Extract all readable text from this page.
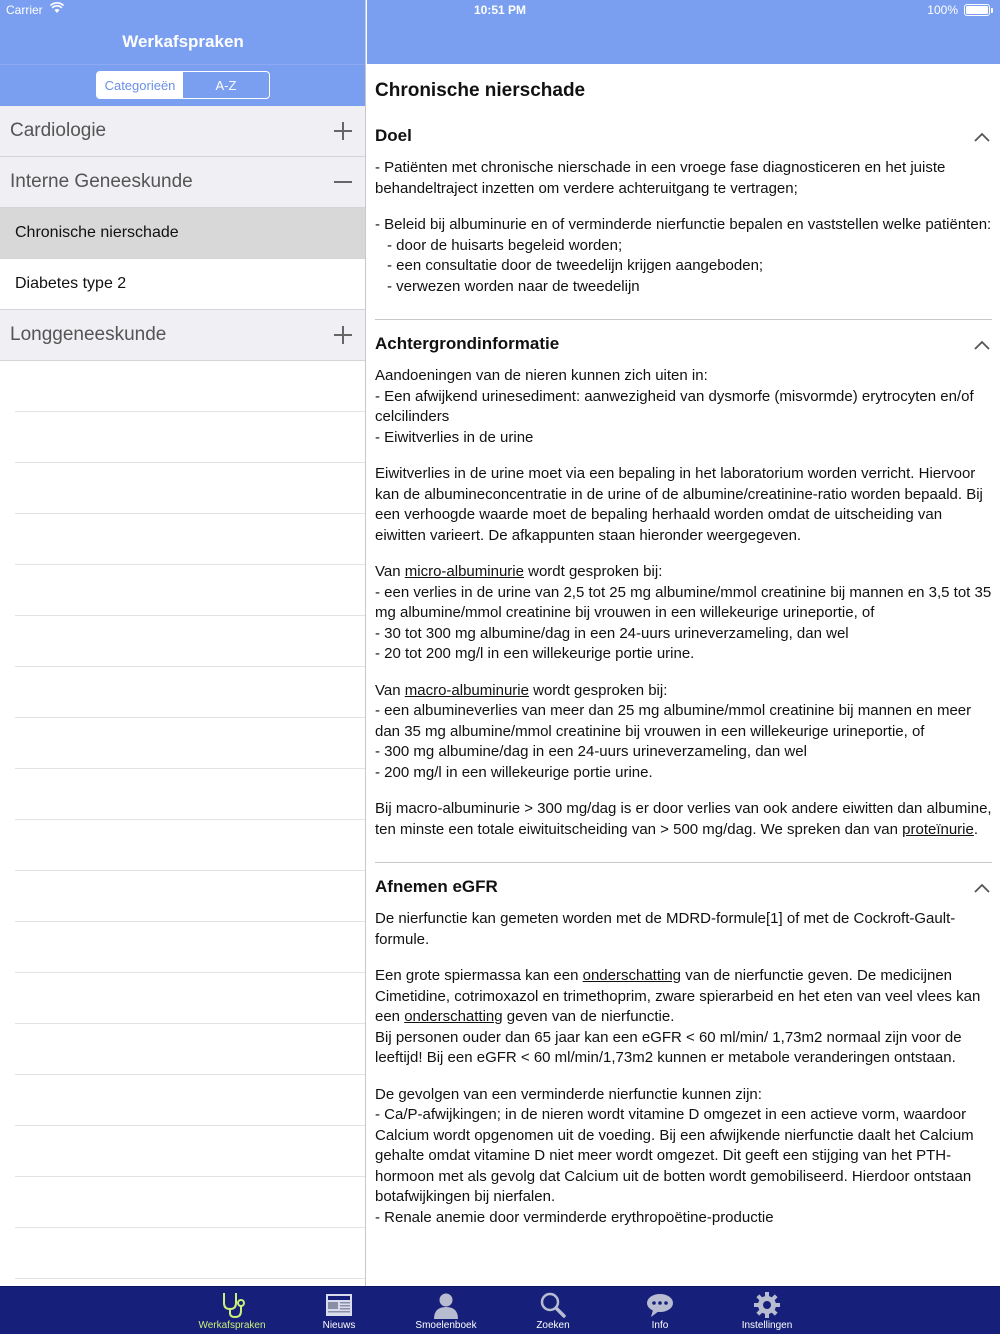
Carrier	10:51 PM	100%
Werkafspraken
Categorieën	A-Z
Cardiologie
Interne Geneeskunde
Chronische nierschade
Diabetes type 2
Longgeneeskunde
Chronische nierschade
Doel

- Patiënten met chronische nierschade in een vroege fase diagnosticeren en het juiste behandeltraject inzetten om verdere achteruitgang te vertragen;

- Beleid bij albuminurie en of verminderde nierfunctie bepalen en vaststellen welke patiënten:
- door de huisarts begeleid worden;
- een consultatie door de tweedelijn krijgen aangeboden;
- verwezen worden naar de tweedelijn

Achtergrondinformatie

Aandoeningen van de nieren kunnen zich uiten in:
- Een afwijkend urinesediment: aanwezigheid van dysmorfe (misvormde) erytrocyten en/of celcilinders
- Eiwitverlies in de urine

Eiwitverlies in de urine moet via een bepaling in het laboratorium worden verricht. Hiervoor kan de albumineconcentratie in de urine of de albumine/creatinine-ratio worden bepaald. Bij een verhoogde waarde moet de bepaling herhaald worden omdat de uitscheiding van eiwitten varieert. De afkappunten staan hieronder weergegeven.

Van micro-albuminurie wordt gesproken bij:
- een verlies in de urine van 2,5 tot 25 mg albumine/mmol creatinine bij mannen en 3,5 tot 35 mg albumine/mmol creatinine bij vrouwen in een willekeurige urineportie, of
- 30 tot 300 mg albumine/dag in een 24-uurs urineverzameling, dan wel
- 20 tot 200 mg/l in een willekeurige portie urine.

Van macro-albuminurie wordt gesproken bij:
- een albumineverlies van meer dan 25 mg albumine/mmol creatinine bij mannen en meer dan 35 mg albumine/mmol creatinine bij vrouwen in een willekeurige urineportie, of
- 300 mg albumine/dag in een 24-uurs urineverzameling, dan wel
- 200 mg/l in een willekeurige portie urine.

Bij macro-albuminurie > 300 mg/dag is er door verlies van ook andere eiwitten dan albumine, ten minste een totale eiwituitscheiding van > 500 mg/dag. We spreken dan van proteïnurie.

Afnemen eGFR

De nierfunctie kan gemeten worden met de MDRD-formule[1] of met de Cockroft-Gault-formule.

Een grote spiermassa kan een onderschatting van de nierfunctie geven. De medicijnen Cimetidine, cotrimoxazol en trimethoprim, zware spierarbeid en het eten van veel vlees kan een onderschatting geven van de nierfunctie.
Bij personen ouder dan 65 jaar kan een eGFR < 60 ml/min/ 1,73m2 normaal zijn voor de leeftijd! Bij een eGFR < 60 ml/min/1,73m2 kunnen er metabole veranderingen ontstaan.

De gevolgen van een verminderde nierfunctie kunnen zijn:
- Ca/P-afwijkingen; in de nieren wordt vitamine D omgezet in een actieve vorm, waardoor Calcium wordt opgenomen uit de voeding. Bij een afwijkende nierfunctie daalt het Calcium gehalte omdat vitamine D niet meer wordt omgezet. Dit geeft een stijging van het PTH-hormoon met als gevolg dat Calcium uit de botten wordt gemobiliseerd. Hierdoor ontstaan botafwijkingen bij nierfalen.
- Renale anemie door verminderde erythropoëtine-productie

Werkafspraken	Nieuws	Smoelenboek	Zoeken	Info	Instellingen
